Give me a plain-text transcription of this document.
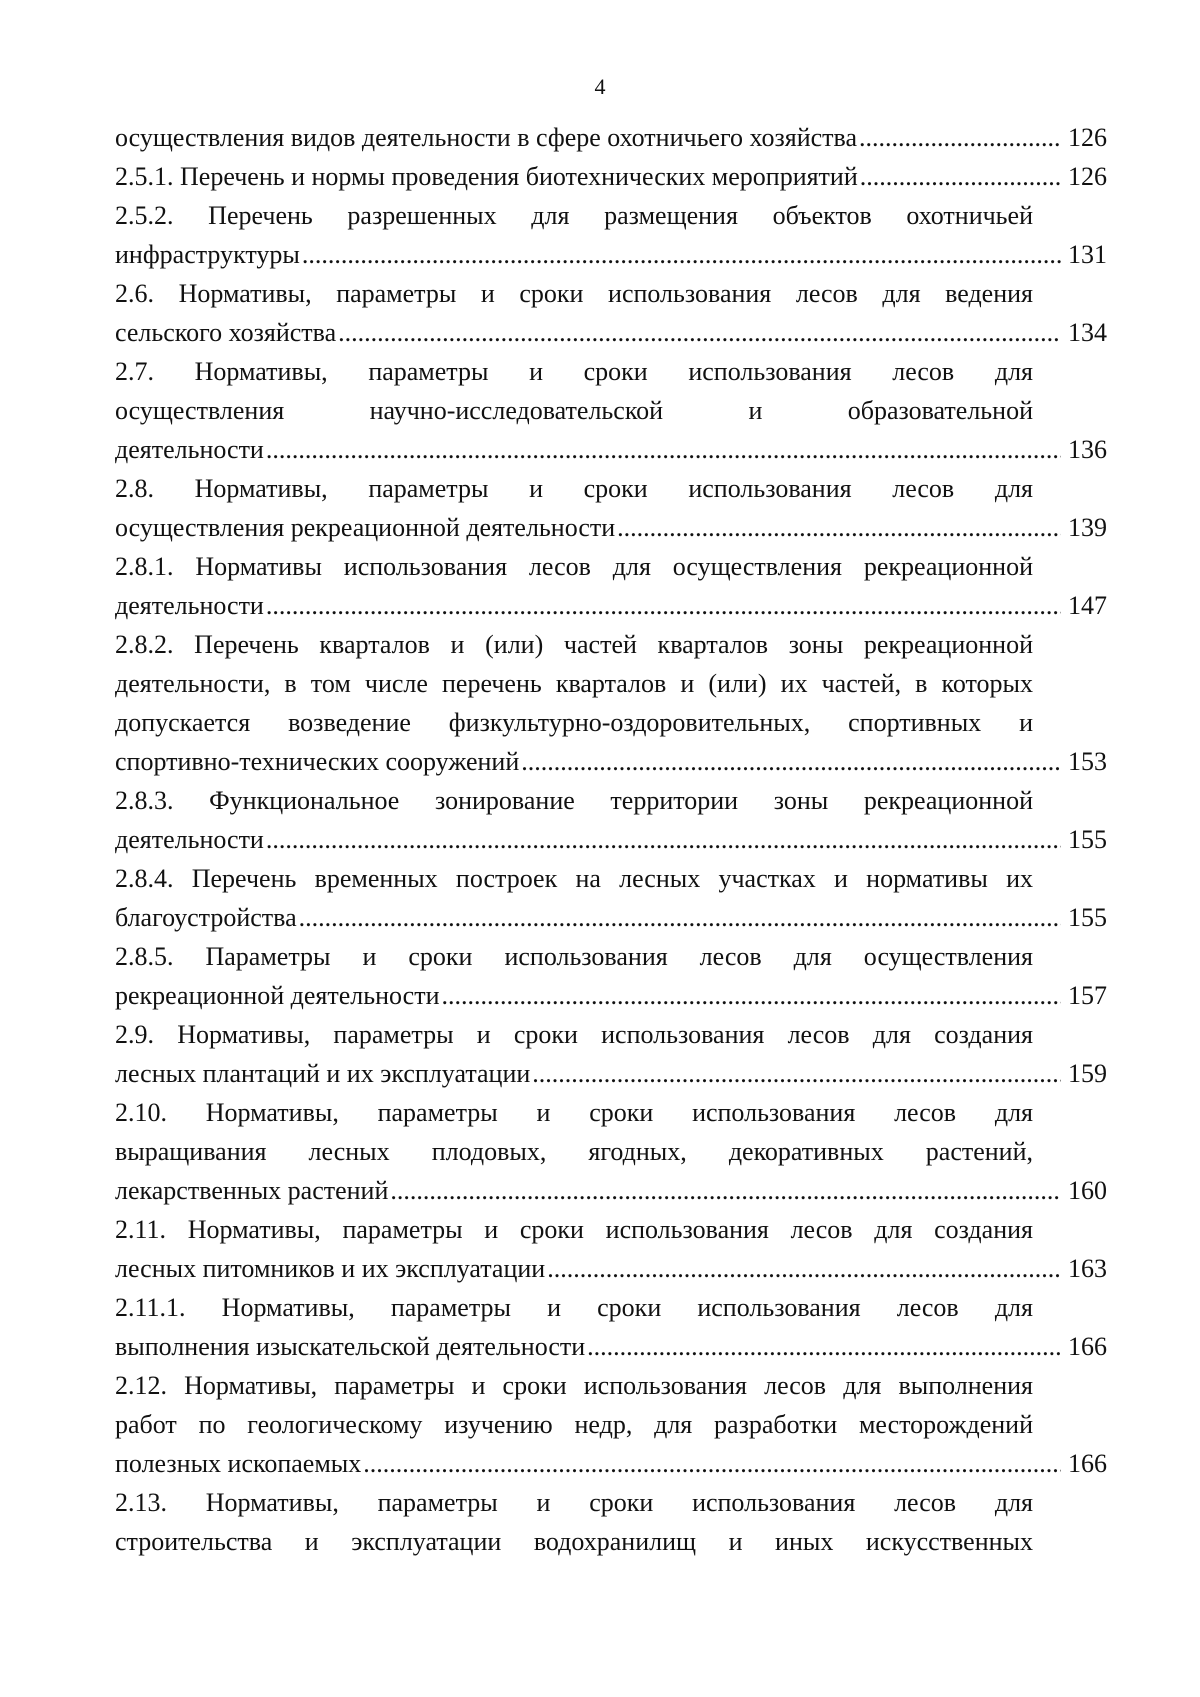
4
осуществления видов деятельности в сфере охотничьего хозяйства .....	126
2.5.1. Перечень и нормы проведения биотехнических мероприятий .....	126
2.5.2. Перечень разрешенных для размещения объектов охотничьей
инфраструктуры .....	131
2.6. Нормативы, параметры и сроки использования лесов для ведения
сельского хозяйства .....	134
2.7. Нормативы, параметры и сроки использования лесов для
осуществления научно-исследовательской и образовательной
деятельности .....	136
2.8. Нормативы, параметры и сроки использования лесов для
осуществления рекреационной деятельности .....	139
2.8.1. Нормативы использования лесов для осуществления рекреационной
деятельности .....	147
2.8.2. Перечень кварталов и (или) частей кварталов зоны рекреационной
деятельности, в том числе перечень кварталов и (или) их частей, в которых
допускается возведение физкультурно-оздоровительных, спортивных и
спортивно-технических сооружений .....	153
2.8.3. Функциональное зонирование территории зоны рекреационной
деятельности .....	155
2.8.4. Перечень временных построек на лесных участках и нормативы их
благоустройства .....	155
2.8.5. Параметры и сроки использования лесов для осуществления
рекреационной деятельности .....	157
2.9. Нормативы, параметры и сроки использования лесов для создания
лесных плантаций и их эксплуатации .....	159
2.10. Нормативы, параметры и сроки использования лесов для
выращивания лесных плодовых, ягодных, декоративных растений,
лекарственных растений .....	160
2.11. Нормативы, параметры и сроки использования лесов для создания
лесных питомников и их эксплуатации .....	163
2.11.1. Нормативы, параметры и сроки использования лесов для
выполнения изыскательской деятельности .....	166
2.12. Нормативы, параметры и сроки использования лесов для выполнения
работ по геологическому изучению недр, для разработки месторождений
полезных ископаемых .....	166
2.13. Нормативы, параметры и сроки использования лесов для
строительства и эксплуатации водохранилищ и иных искусственных
